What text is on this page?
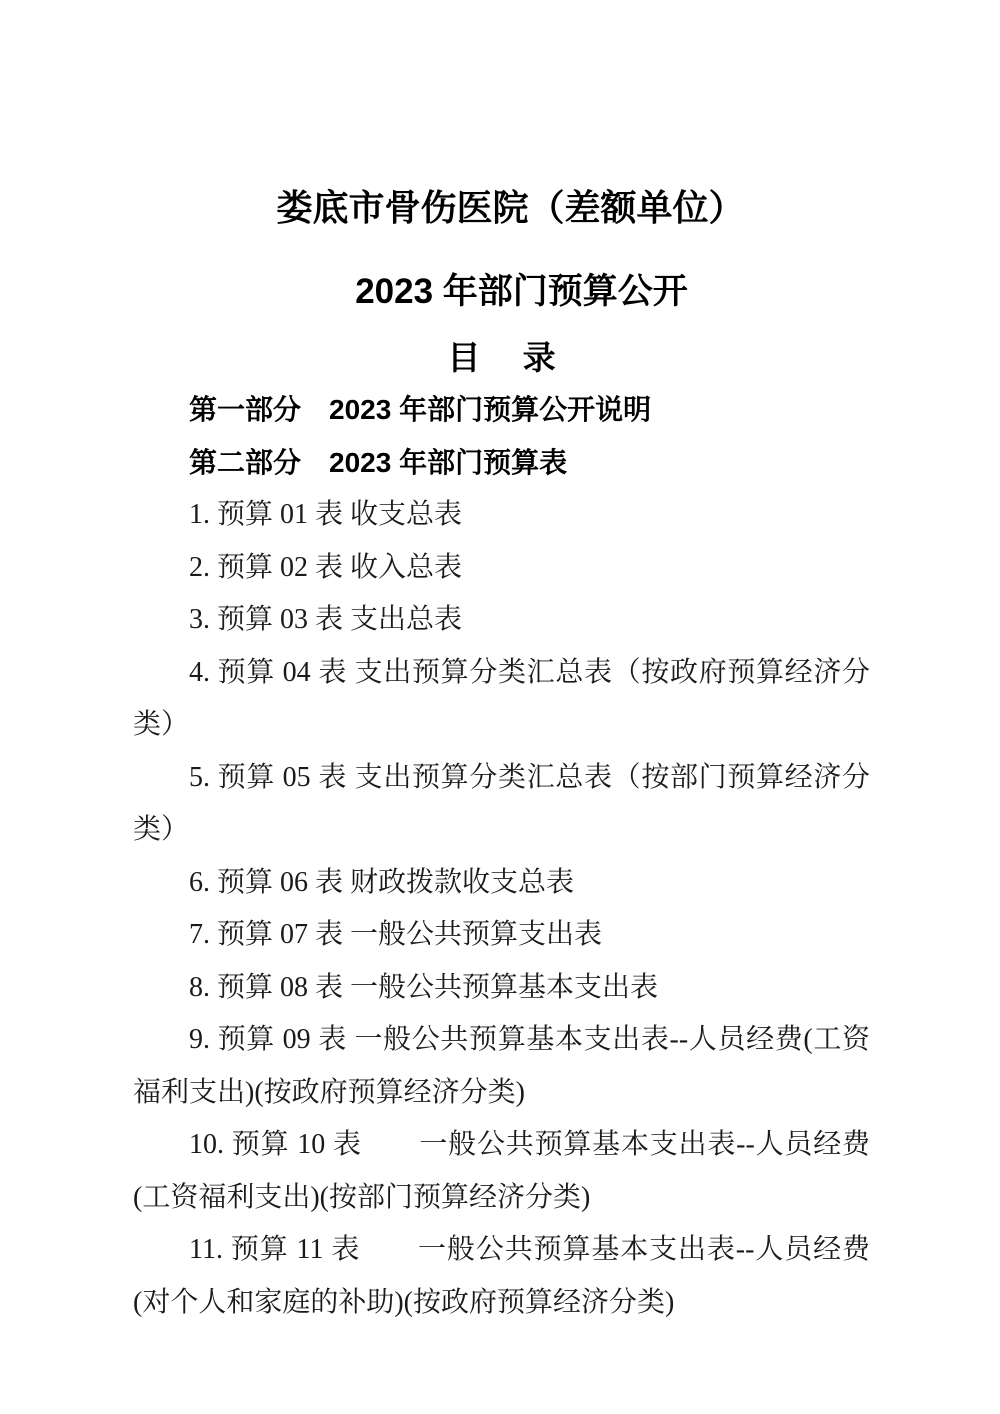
娄底市骨伤医院（差额单位）
2023 年部门预算公开
目　 录

第一部分　2023 年部门预算公开说明

第二部分　2023 年部门预算表

1. 预算 01 表 收支总表

2. 预算 02 表 收入总表

3. 预算 03 表 支出总表

4. 预算 04 表 支出预算分类汇总表（按政府预算经济分类）

5. 预算 05 表 支出预算分类汇总表（按部门预算经济分类）

6. 预算 06 表 财政拨款收支总表

7. 预算 07 表 一般公共预算支出表

8. 预算 08 表 一般公共预算基本支出表

9. 预算 09 表 一般公共预算基本支出表--人员经费(工资福利支出)(按政府预算经济分类)

10. 预算 10 表　　一般公共预算基本支出表--人员经费(工资福利支出)(按部门预算经济分类)

11. 预算 11 表　　一般公共预算基本支出表--人员经费(对个人和家庭的补助)(按政府预算经济分类)
